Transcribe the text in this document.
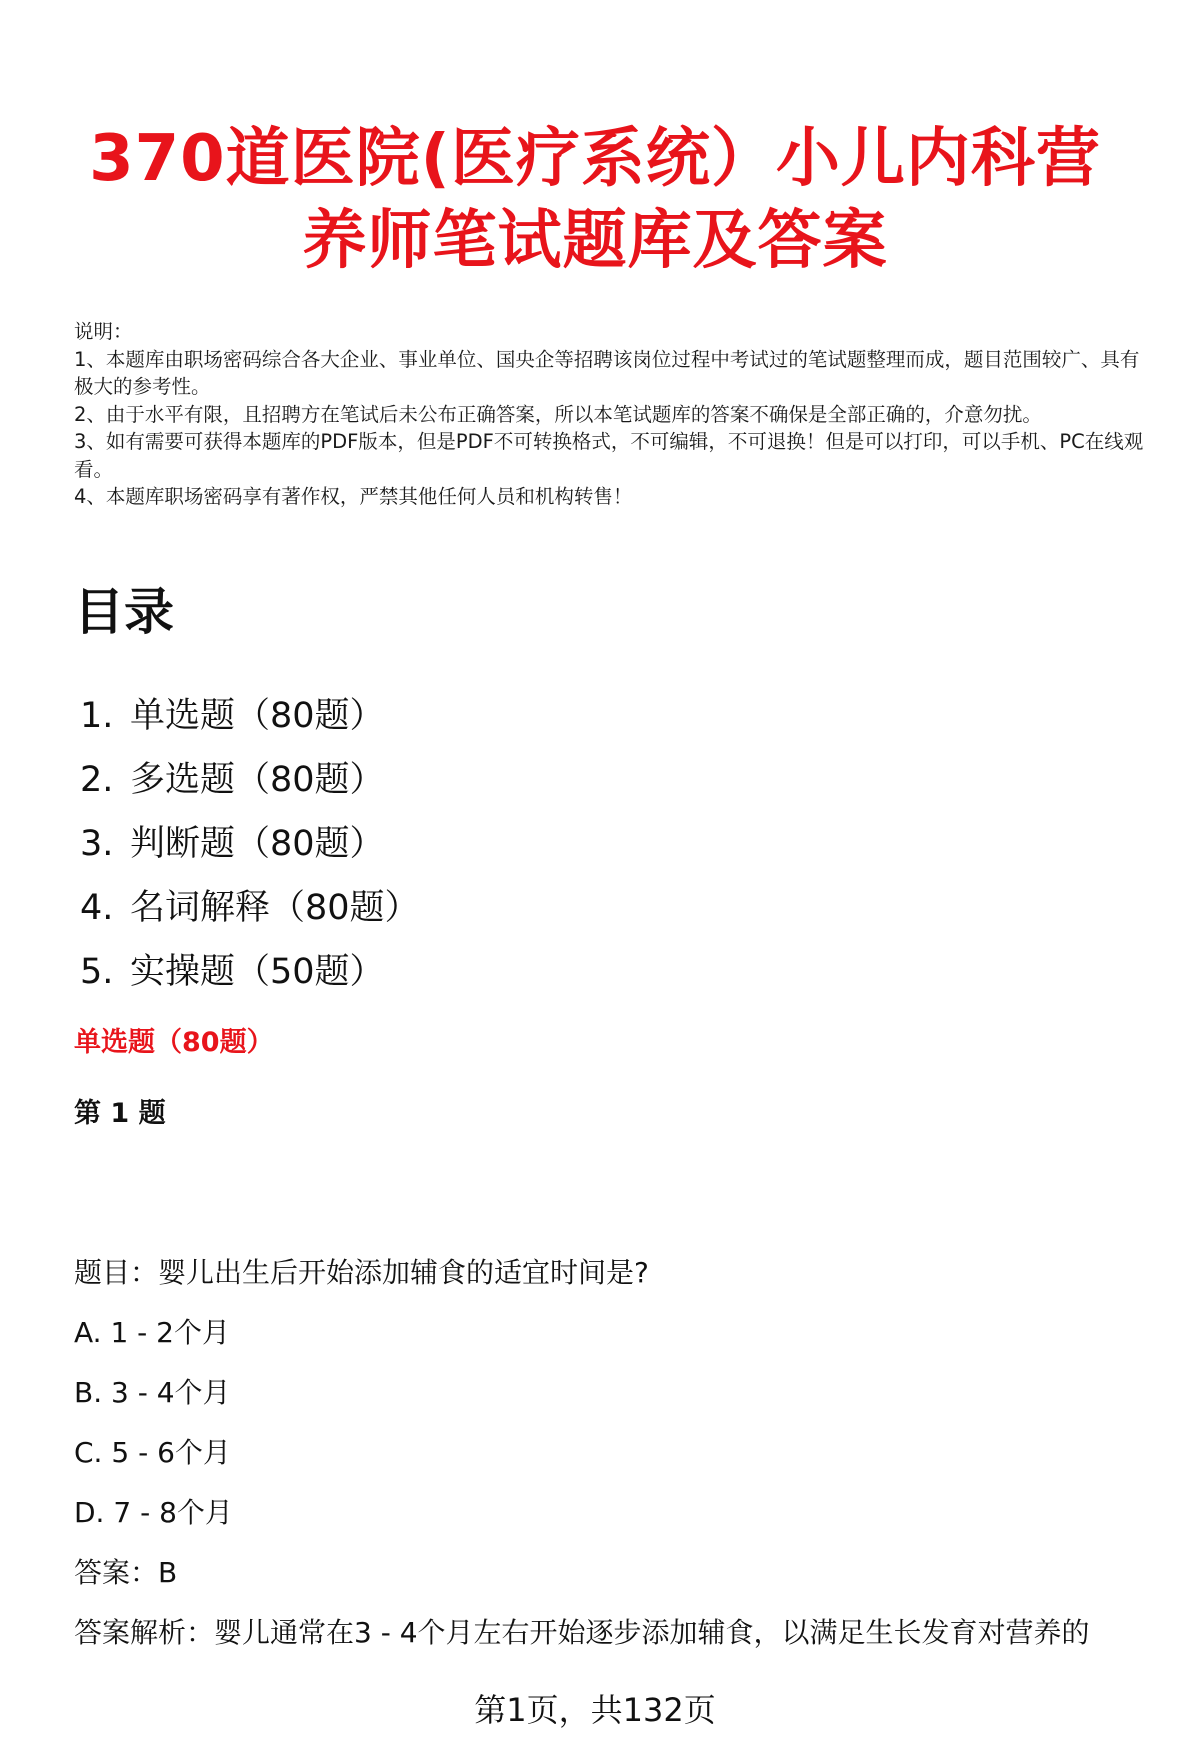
370道医院(医疗系统）小儿内科营
养师笔试题库及答案
说明：
1、本题库由职场密码综合各大企业、事业单位、国央企等招聘该岗位过程中考试过的笔试题整理而成，题目范围较广、具有极大的参考性。
2、由于水平有限，且招聘方在笔试后未公布正确答案，所以本笔试题库的答案不确保是全部正确的，介意勿扰。
3、如有需要可获得本题库的PDF版本，但是PDF不可转换格式，不可编辑，不可退换！但是可以打印，可以手机、PC在线观看。
4、本题库职场密码享有著作权，严禁其他任何人员和机构转售！
目录
1. 单选题（80题）
2. 多选题（80题）
3. 判断题（80题）
4. 名词解释（80题）
5. 实操题（50题）
单选题（80题）
第 1 题
题目：婴儿出生后开始添加辅食的适宜时间是?
A. 1 - 2个月
B. 3 - 4个月
C. 5 - 6个月
D. 7 - 8个月
答案：B
答案解析：婴儿通常在3 - 4个月左右开始逐步添加辅食，以满足生长发育对营养的
第1页，共132页
